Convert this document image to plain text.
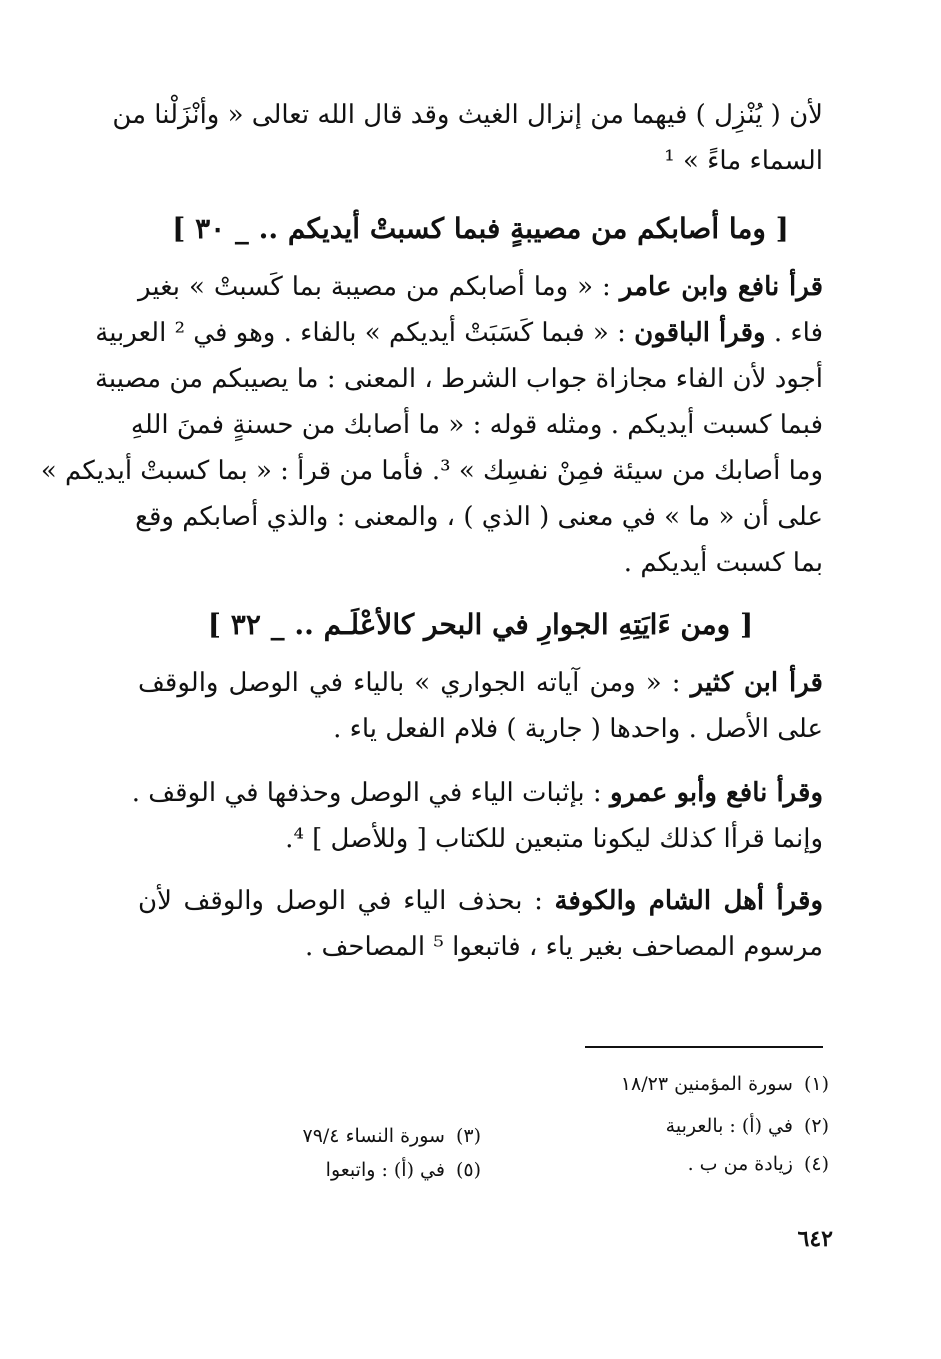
لأن ( يُنْزِل ) فيهما من إنزال الغيث وقد قال الله تعالى « وأنْزَلْنا من
السماء ماءً » ¹
[ وما أصابكم من مصيبةٍ فبما كسبتْ أيديكم .. _ ٣٠ ]
قرأ نافع وابن عامر : « وما أصابكم من مصيبة بما كَسبتْ » بغير
فاء . وقرأ الباقون : « فبما كَسَبَتْ أيديكم » بالفاء . وهو في ² العربية
أجود لأن الفاء مجازاة جواب الشرط ، المعنى : ما يصيبكم من مصيبة
فبما كسبت أيديكم . ومثله قوله : « ما أصابك من حسنةٍ فمنَ اللهِ
وما أصابك من سيئة فمِنْ نفسِك » ³. فأما من قرأ : « بما كسبتْ أيديكم »
على أن « ما » في معنى ( الذي ) ، والمعنى : والذي أصابكم وقع
بما كسبت أيديكم .
[ ومن ءَايَتِهِ الجوارِ في البحر كالأعْلَـم .. _ ٣٢ ]
قرأ ابن كثير : « ومن آياته الجواري » بالياء في الوصل والوقف
على الأصل . واحدها ( جارية ) فلام الفعل ياء .
وقرأ نافع وأبو عمرو : بإثبات الياء في الوصل وحذفها في الوقف .
وإنما قرأا كذلك ليكونا متبعين للكتاب [ وللأصل ] ⁴.
وقرأ أهل الشام والكوفة : بحذف الياء في الوصل والوقف لأن
مرسوم المصاحف بغير ياء ، فاتبعوا ⁵ المصاحف .
(١) سورة المؤمنين ١٨/٢٣
(٢) في (أ) : بالعربية
(٤) زيادة من ب .
(٣) سورة النساء ٧٩/٤
(٥) في (أ) : واتبعوا
٦٤٢
